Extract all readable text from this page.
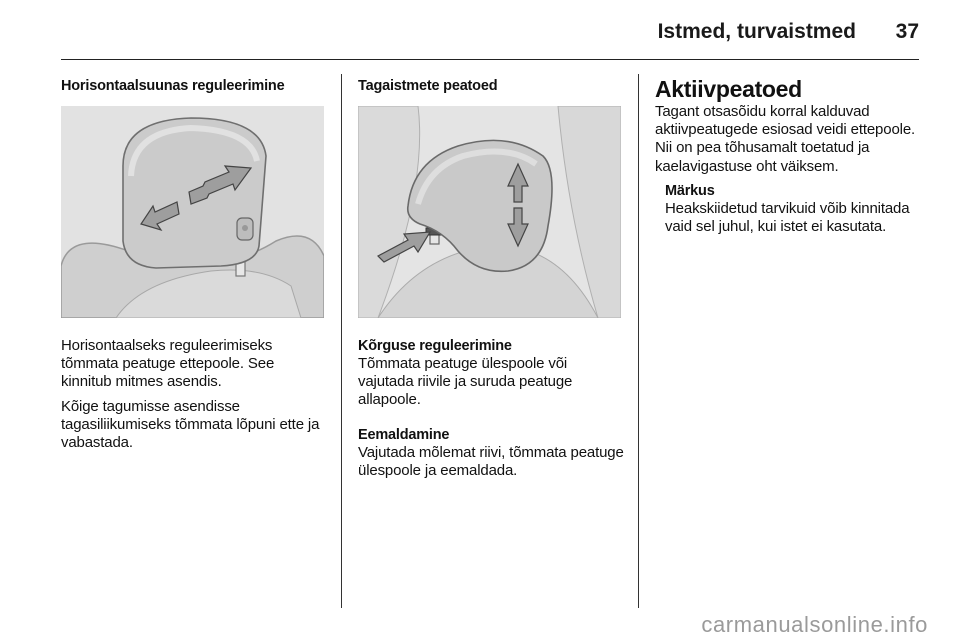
Istmed, turvaistmed 37
Horisontaalsuunas reguleerimine

Horisontaalseks reguleerimiseks tõmmata peatuge ettepoole. See kinnitub mitmes asendis.

Kõige tagumisse asendisse tagasiliikumiseks tõmmata lõpuni ette ja vabastada.

Tagaistmete peatoed
Kõrguse reguleerimine

Tõmmata peatuge ülespoole või vajutada riivile ja suruda peatuge allapoole.

Eemaldamine

Vajutada mõlemat riivi, tõmmata peatuge ülespoole ja eemaldada.

Aktiivpeatoed

Tagant otsasõidu korral kalduvad aktiivpeatugede esiosad veidi ettepoole. Nii on pea tõhusamalt toetatud ja kaelavigastuse oht väiksem.

Märkus

Heakskiidetud tarvikuid võib kinnitada vaid sel juhul, kui istet ei kasutata.

carmanualsonline.info
